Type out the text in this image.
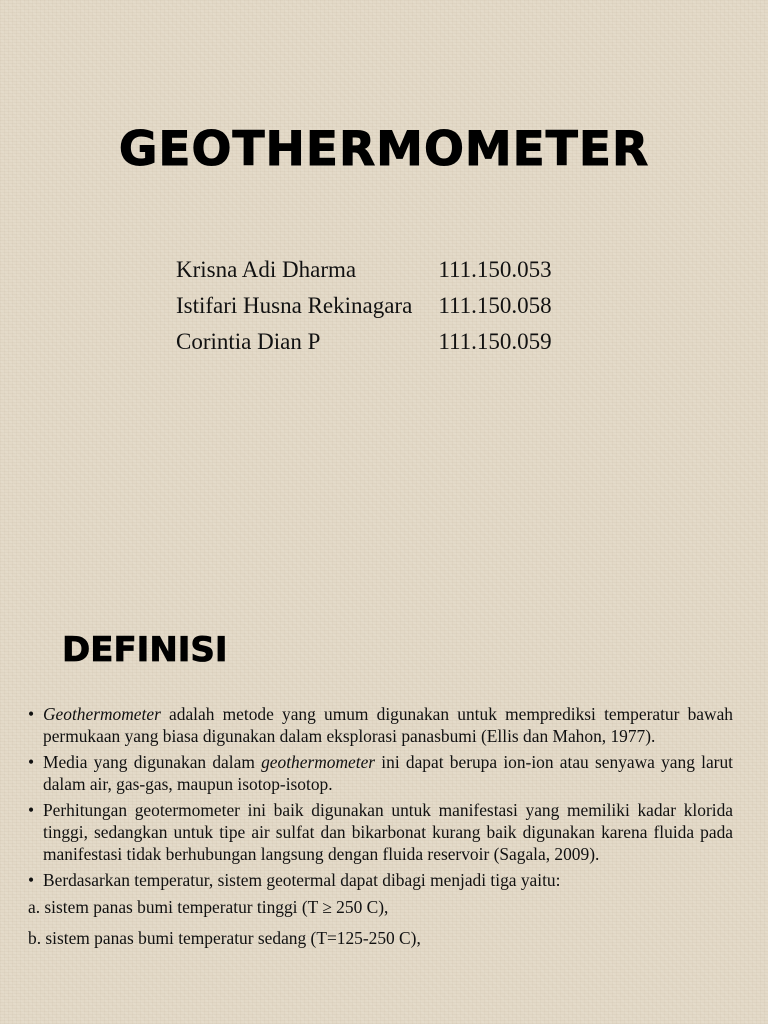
GEOTHERMOMETER
Krisna Adi Dharma	111.150.053
Istifari Husna Rekinagara	111.150.058
Corintia Dian P	111.150.059
DEFINISI
• Geothermometer adalah metode yang umum digunakan untuk memprediksi temperatur bawah permukaan yang biasa digunakan dalam eksplorasi panasbumi (Ellis dan Mahon, 1977).
• Media yang digunakan dalam geothermometer ini dapat berupa ion-ion atau senyawa yang larut dalam air, gas-gas, maupun isotop-isotop.
• Perhitungan geotermometer ini baik digunakan untuk manifestasi yang memiliki kadar klorida tinggi, sedangkan untuk tipe air sulfat dan bikarbonat kurang baik digunakan karena fluida pada manifestasi tidak berhubungan langsung dengan fluida reservoir (Sagala, 2009).
• Berdasarkan temperatur, sistem geotermal dapat dibagi menjadi tiga yaitu:
a. sistem panas bumi temperatur tinggi (T ≥ 250 C),
b. sistem panas bumi temperatur sedang (T=125-250 C),
